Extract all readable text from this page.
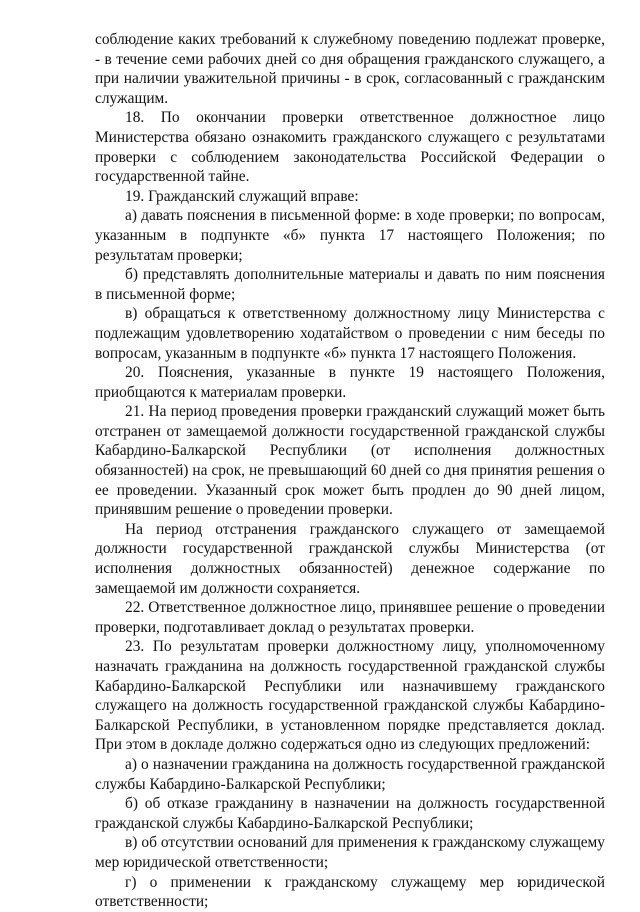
соблюдение каких требований к служебному поведению подлежат проверке, - в течение семи рабочих дней со дня обращения гражданского служащего, а при наличии уважительной причины - в срок, согласованный с гражданским служащим.

18. По окончании проверки ответственное должностное лицо Министерства обязано ознакомить гражданского служащего с результатами проверки с соблюдением законодательства Российской Федерации о государственной тайне.

19. Гражданский служащий вправе:

а) давать пояснения в письменной форме: в ходе проверки; по вопросам, указанным в подпункте «б» пункта 17 настоящего Положения; по результатам проверки;

б) представлять дополнительные материалы и давать по ним пояснения в письменной форме;

в) обращаться к ответственному должностному лицу Министерства с подлежащим удовлетворению ходатайством о проведении с ним беседы по вопросам, указанным в подпункте «б» пункта 17 настоящего Положения.

20. Пояснения, указанные в пункте 19 настоящего Положения, приобщаются к материалам проверки.

21. На период проведения проверки гражданский служащий может быть отстранен от замещаемой должности государственной гражданской службы Кабардино-Балкарской Республики (от исполнения должностных обязанностей) на срок, не превышающий 60 дней со дня принятия решения о ее проведении. Указанный срок может быть продлен до 90 дней лицом, принявшим решение о проведении проверки.

На период отстранения гражданского служащего от замещаемой должности государственной гражданской службы Министерства (от исполнения должностных обязанностей) денежное содержание по замещаемой им должности сохраняется.

22. Ответственное должностное лицо, принявшее решение о проведении проверки, подготавливает доклад о результатах проверки.

23. По результатам проверки должностному лицу, уполномоченному назначать гражданина на должность государственной гражданской службы Кабардино-Балкарской Республики или назначившему гражданского служащего на должность государственной гражданской службы Кабардино-Балкарской Республики, в установленном порядке представляется доклад. При этом в докладе должно содержаться одно из следующих предложений:

а) о назначении гражданина на должность государственной гражданской службы Кабардино-Балкарской Республики;

б) об отказе гражданину в назначении на должность государственной гражданской службы Кабардино-Балкарской Республики;

в) об отсутствии оснований для применения к гражданскому служащему мер юридической ответственности;

г) о применении к гражданскому служащему мер юридической ответственности;
